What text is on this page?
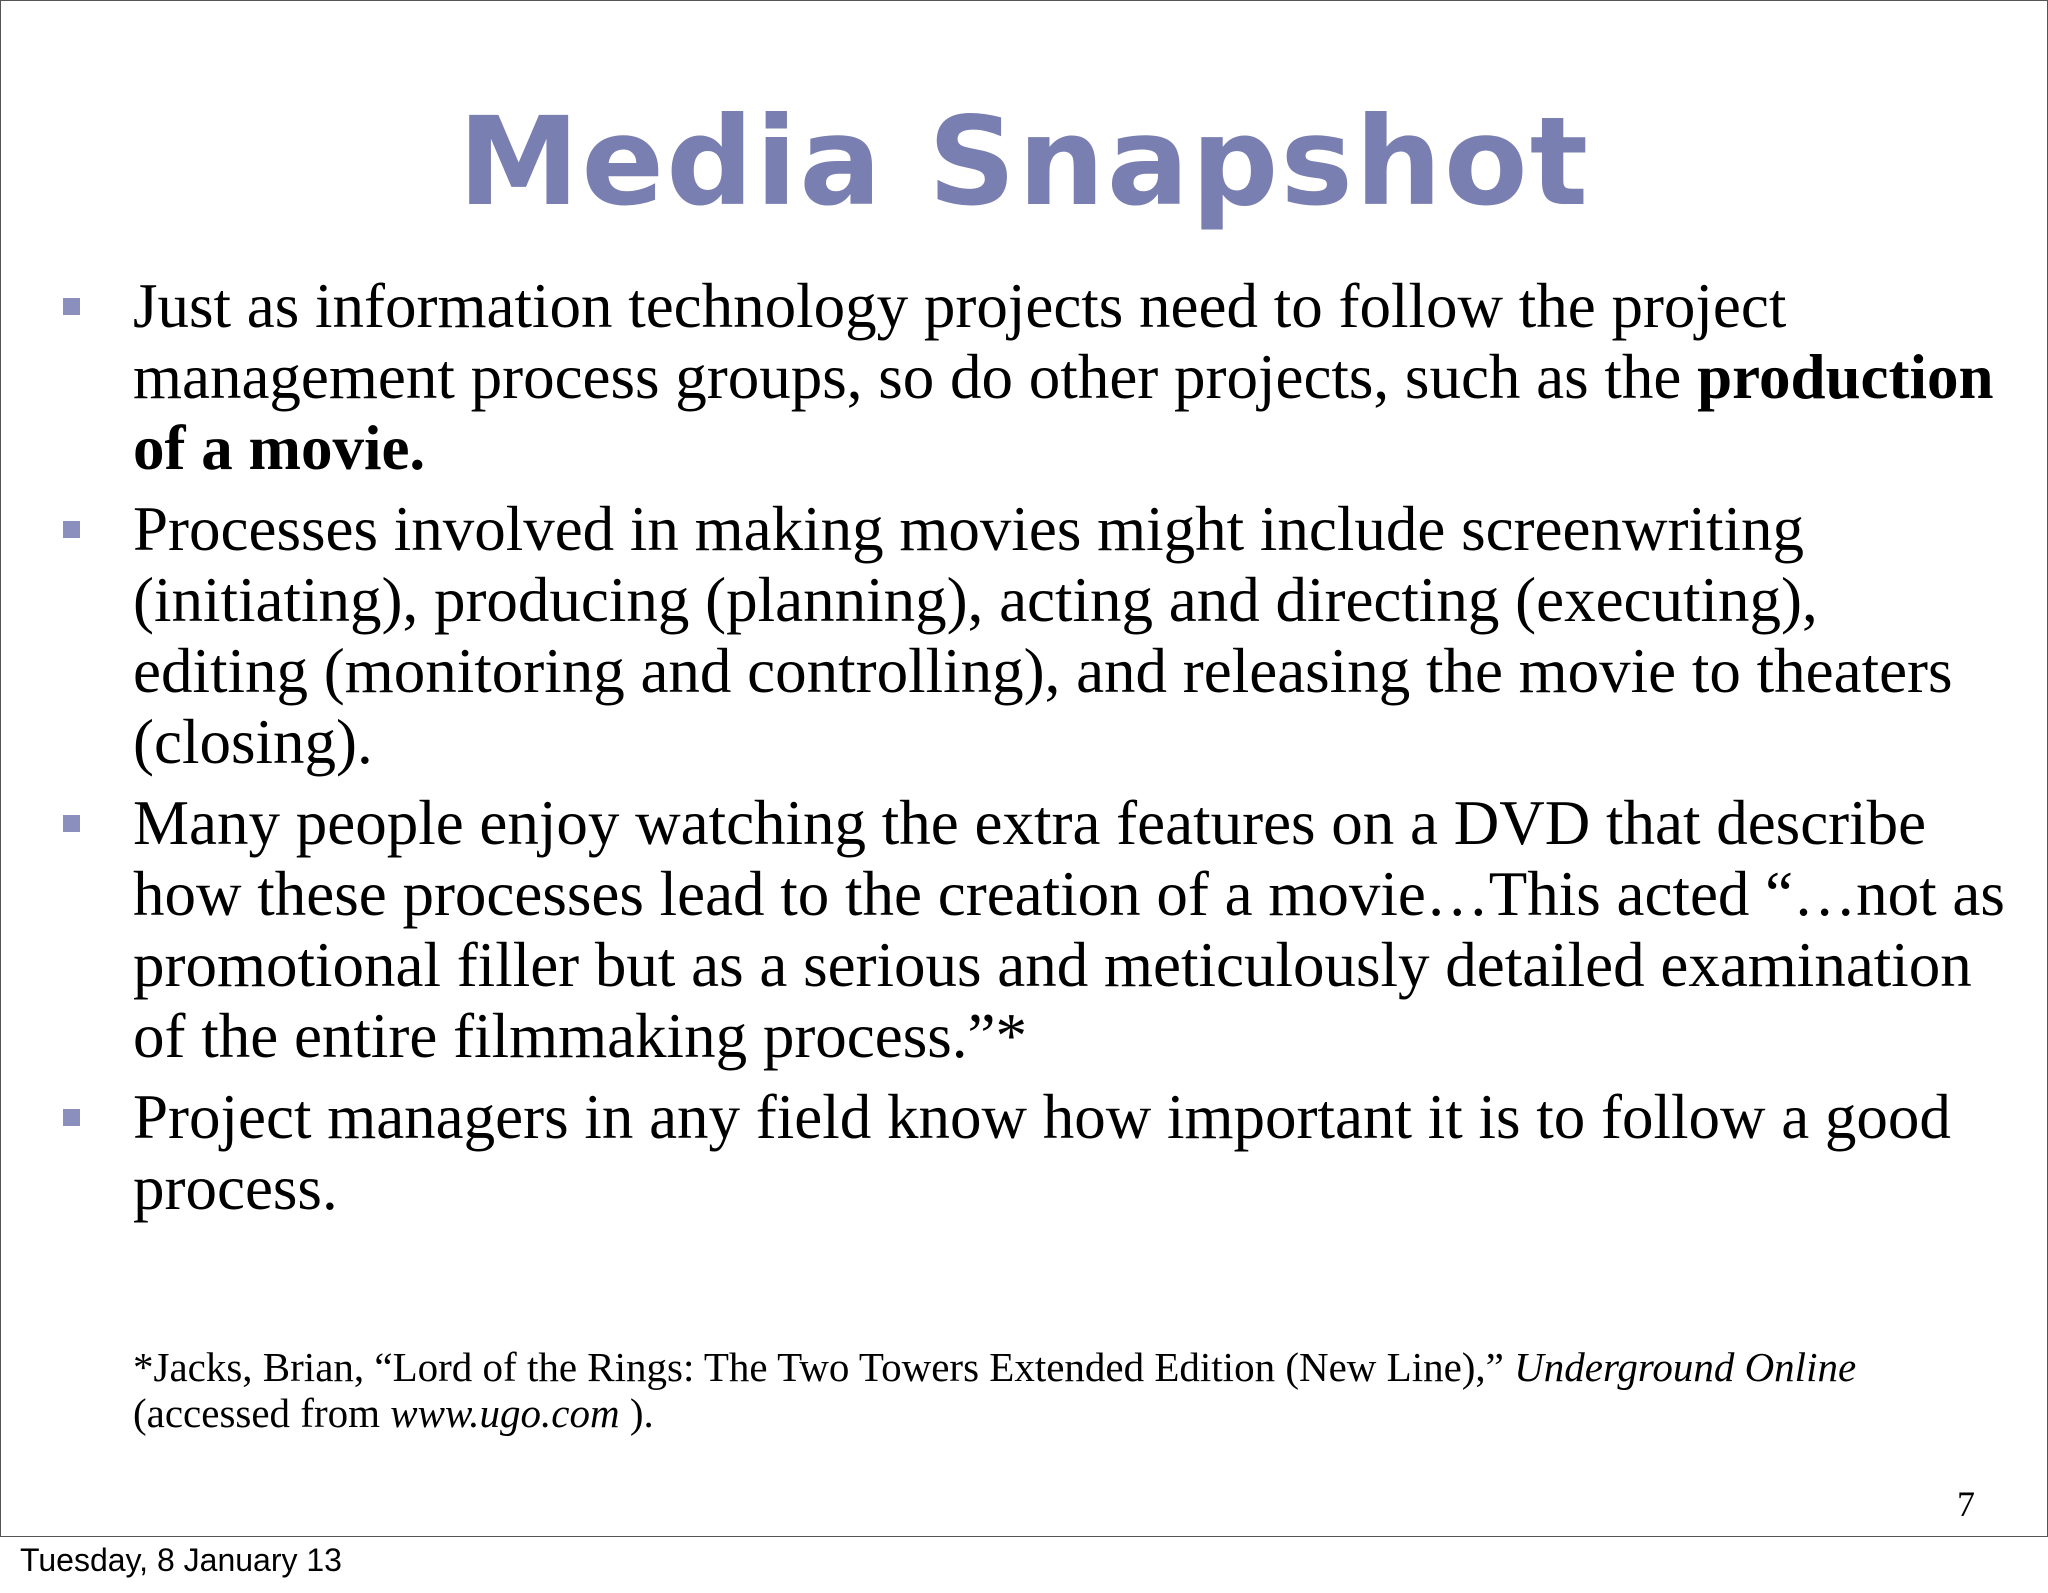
Media Snapshot
Just as information technology projects need to follow the project management process groups, so do other projects, such as the production of a movie.
Processes involved in making movies might include screenwriting (initiating), producing (planning), acting and directing (executing), editing (monitoring and controlling), and releasing the movie to theaters (closing).
Many people enjoy watching the extra features on a DVD that describe how these processes lead to the creation of a movie…This acted “…not as promotional filler but as a serious and meticulously detailed examination of the entire filmmaking process.”*
Project managers in any field know how important it is to follow a good process.
*Jacks, Brian, “Lord of the Rings: The Two Towers Extended Edition (New Line),” Underground Online (accessed from www.ugo.com ).
7
Tuesday, 8 January 13
